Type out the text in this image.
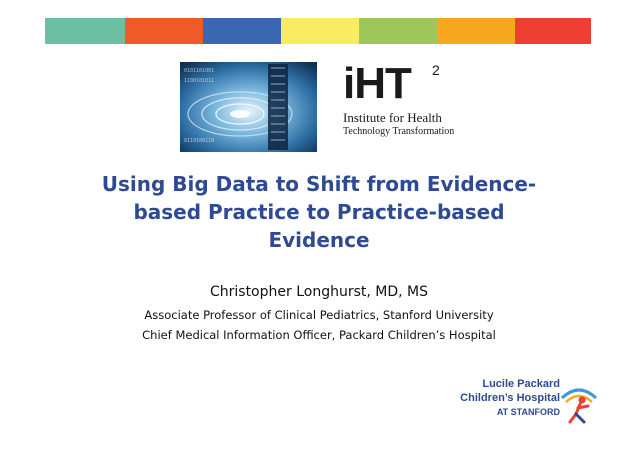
0101101001
1100101011
0110100110
iHT 2
Institute for Health
Technology Transformation
Using Big Data to Shift from Evidence-
based Practice to Practice-based
Evidence
Christopher Longhurst, MD, MS
Associate Professor of Clinical Pediatrics, Stanford University
Chief Medical Information Officer, Packard Children’s Hospital
Lucile Packard
Children’s Hospital
AT STANFORD
